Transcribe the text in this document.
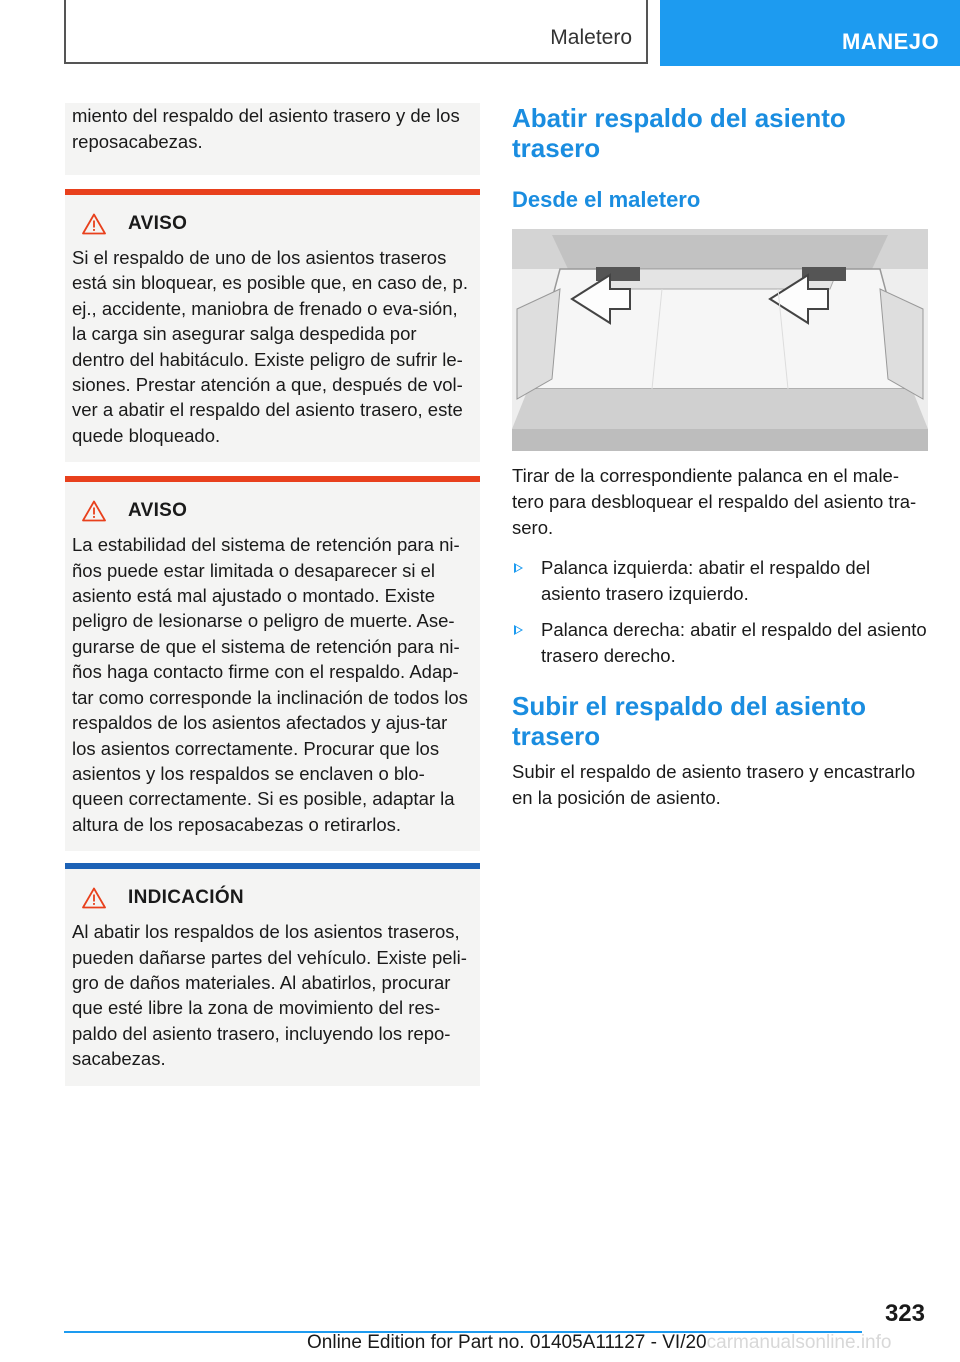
Maletero	MANEJO
miento del respaldo del asiento trasero y de los reposacabezas.
AVISO
Si el respaldo de uno de los asientos traseros está sin bloquear, es posible que, en caso de, p. ej., accidente, maniobra de frenado o eva-sión, la carga sin asegurar salga despedida por dentro del habitáculo. Existe peligro de sufrir le-siones. Prestar atención a que, después de vol-ver a abatir el respaldo del asiento trasero, este quede bloqueado.
AVISO
La estabilidad del sistema de retención para ni-ños puede estar limitada o desaparecer si el asiento está mal ajustado o montado. Existe peligro de lesionarse o peligro de muerte. Ase-gurarse de que el sistema de retención para ni-ños haga contacto firme con el respaldo. Adap-tar como corresponde la inclinación de todos los respaldos de los asientos afectados y ajus-tar los asientos correctamente. Procurar que los asientos y los respaldos se enclaven o blo-queen correctamente. Si es posible, adaptar la altura de los reposacabezas o retirarlos.
INDICACIÓN
Al abatir los respaldos de los asientos traseros, pueden dañarse partes del vehículo. Existe peli-gro de daños materiales. Al abatirlos, procurar que esté libre la zona de movimiento del res-paldo del asiento trasero, incluyendo los repo-sacabezas.
Abatir respaldo del asiento trasero
Desde el maletero
Tirar de la correspondiente palanca en el male-tero para desbloquear el respaldo del asiento tra-sero.
Palanca izquierda: abatir el respaldo del asiento trasero izquierdo.
Palanca derecha: abatir el respaldo del asiento trasero derecho.
Subir el respaldo del asiento trasero
Subir el respaldo de asiento trasero y encastrarlo en la posición de asiento.
323
Online Edition for Part no. 01405A11127 - VI/20carmanualsonline.info
